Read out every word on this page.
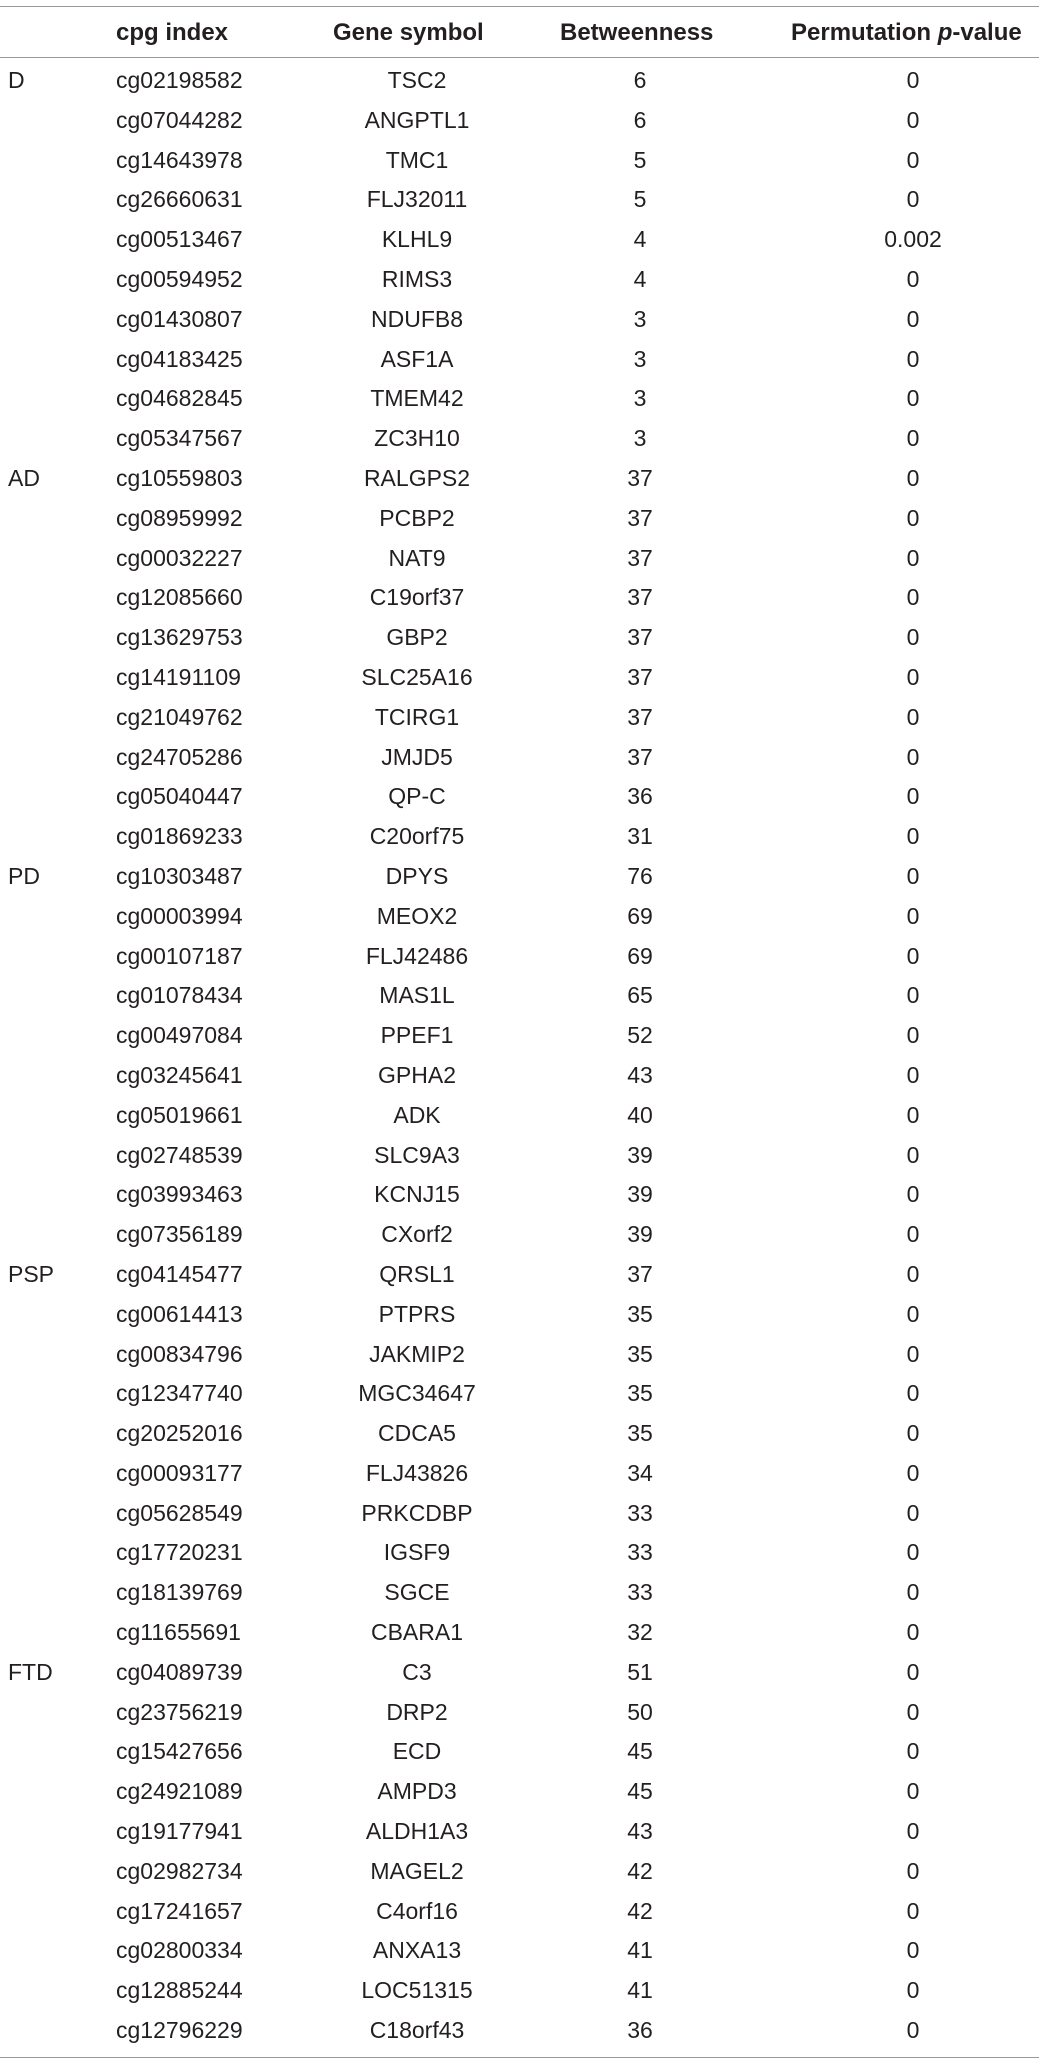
cpg index	Gene symbol	Betweenness	Permutation p-value
D	cg02198582	TSC2	6	0
cg07044282	ANGPTL1	6	0
cg14643978	TMC1	5	0
cg26660631	FLJ32011	5	0
cg00513467	KLHL9	4	0.002
cg00594952	RIMS3	4	0
cg01430807	NDUFB8	3	0
cg04183425	ASF1A	3	0
cg04682845	TMEM42	3	0
cg05347567	ZC3H10	3	0
AD	cg10559803	RALGPS2	37	0
cg08959992	PCBP2	37	0
cg00032227	NAT9	37	0
cg12085660	C19orf37	37	0
cg13629753	GBP2	37	0
cg14191109	SLC25A16	37	0
cg21049762	TCIRG1	37	0
cg24705286	JMJD5	37	0
cg05040447	QP-C	36	0
cg01869233	C20orf75	31	0
PD	cg10303487	DPYS	76	0
cg00003994	MEOX2	69	0
cg00107187	FLJ42486	69	0
cg01078434	MAS1L	65	0
cg00497084	PPEF1	52	0
cg03245641	GPHA2	43	0
cg05019661	ADK	40	0
cg02748539	SLC9A3	39	0
cg03993463	KCNJ15	39	0
cg07356189	CXorf2	39	0
PSP	cg04145477	QRSL1	37	0
cg00614413	PTPRS	35	0
cg00834796	JAKMIP2	35	0
cg12347740	MGC34647	35	0
cg20252016	CDCA5	35	0
cg00093177	FLJ43826	34	0
cg05628549	PRKCDBP	33	0
cg17720231	IGSF9	33	0
cg18139769	SGCE	33	0
cg11655691	CBARA1	32	0
FTD	cg04089739	C3	51	0
cg23756219	DRP2	50	0
cg15427656	ECD	45	0
cg24921089	AMPD3	45	0
cg19177941	ALDH1A3	43	0
cg02982734	MAGEL2	42	0
cg17241657	C4orf16	42	0
cg02800334	ANXA13	41	0
cg12885244	LOC51315	41	0
cg12796229	C18orf43	36	0
